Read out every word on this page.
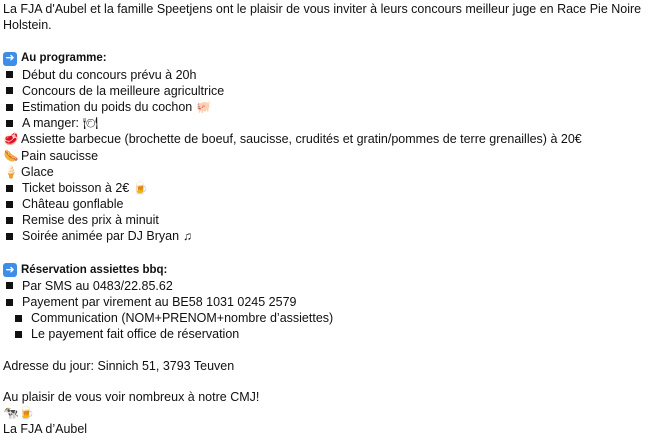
La FJA d'Aubel et la famille Speetjens ont le plaisir de vous inviter à leurs concours meilleur juge en Race Pie Noire Holstein.
➜ Au programme:
Début du concours prévu à 20h
Concours de la meilleure agricultrice
Estimation du poids du cochon 🐖
A manger: 🍽
🥩 Assiette barbecue (brochette de boeuf, saucisse, crudités et gratin/pommes de terre grenailles) à 20€
🌭 Pain saucisse
🍦 Glace
Ticket boisson à 2€ 🍺
Château gonflable
Remise des prix à minuit
Soirée animée par DJ Bryan ♫
➜ Réservation assiettes bbq:
Par SMS au 0483/22.85.62
Payement par virement au BE58 1031 0245 2579
Communication (NOM+PRENOM+nombre d’assiettes)
Le payement fait office de réservation
Adresse du jour: Sinnich 51, 3793 Teuven
Au plaisir de vous voir nombreux à notre CMJ!
🐄🍺
La FJA d’Aubel
